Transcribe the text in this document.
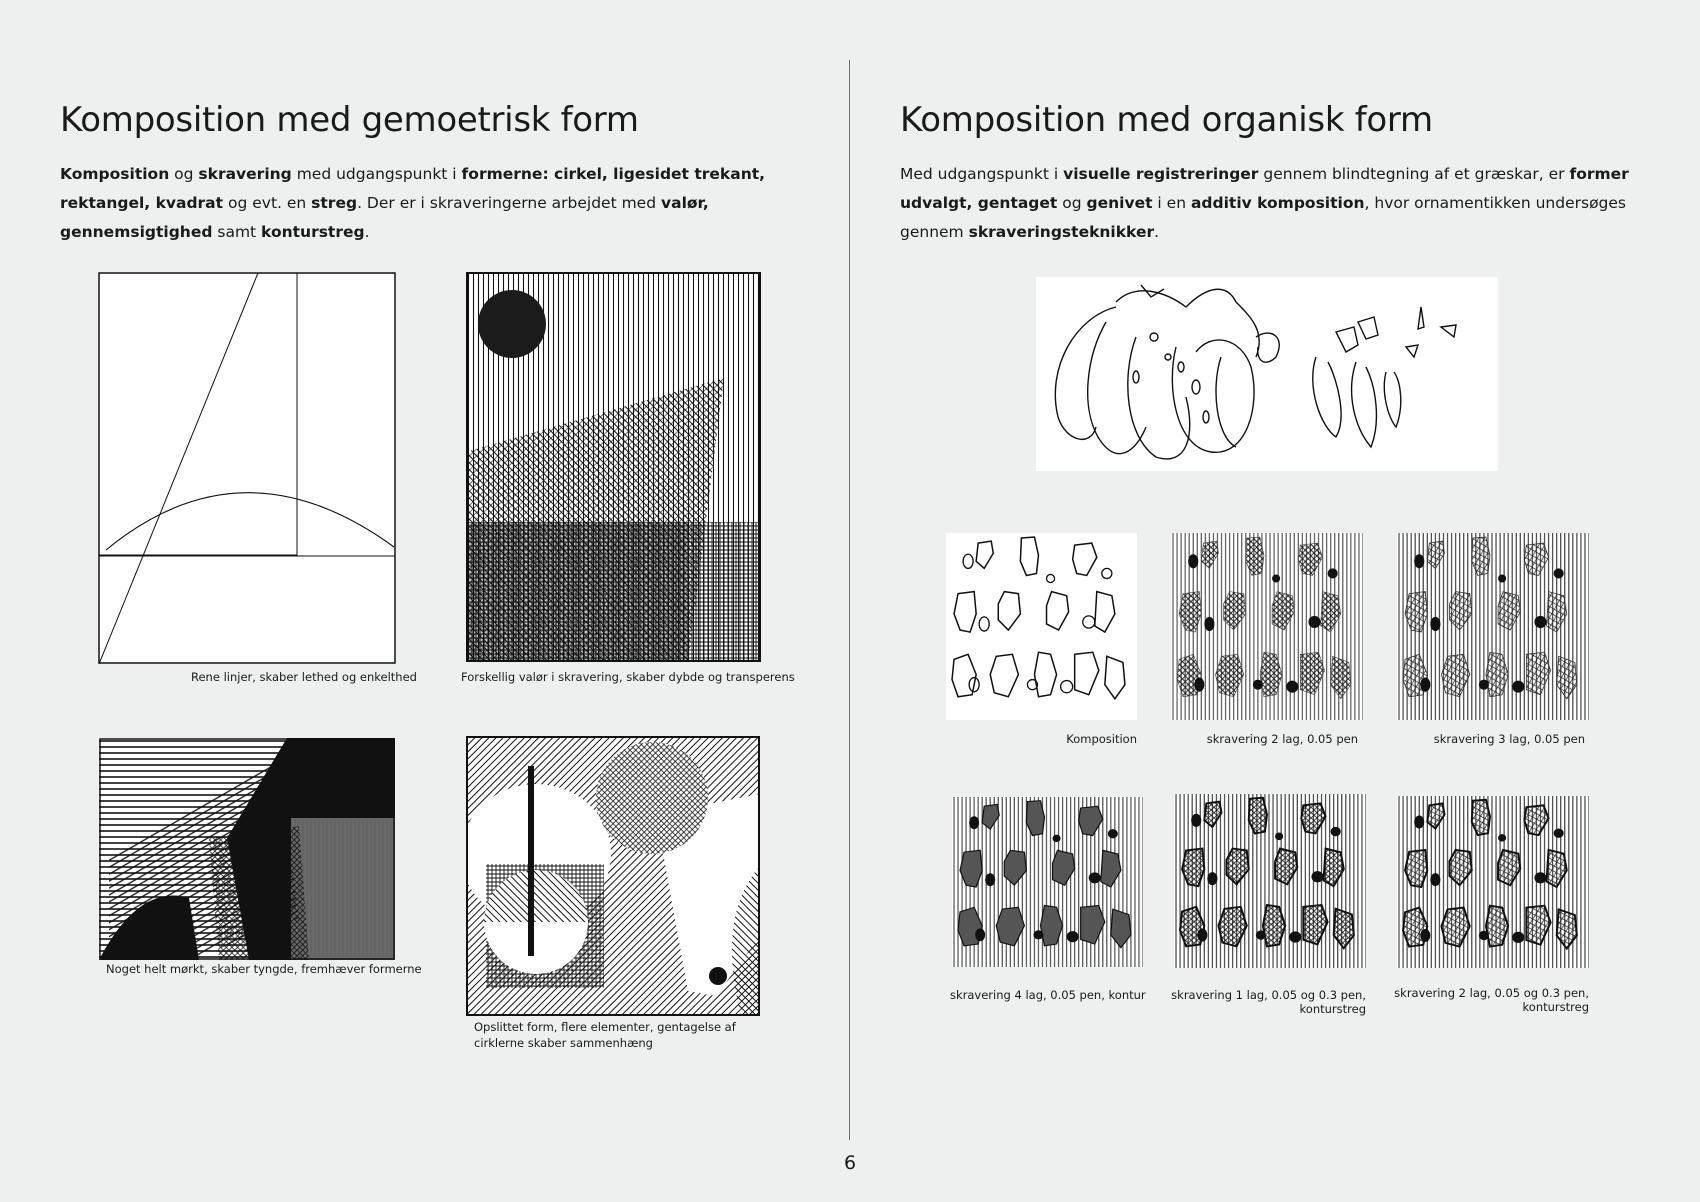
Komposition med gemoetrisk form

Komposition og skravering med udgangspunkt i formerne: cirkel, ligesidet trekant, rektangel, kvadrat og evt. en streg. Der er i skraveringerne arbejdet med valør, gennemsigtighed samt konturstreg.

Rene linjer, skaber lethed og enkelthed	Forskellig valør i skravering, skaber dybde og transperens
Noget helt mørkt, skaber tyngde, fremhæver formerne
Opslittet form, flere elementer, gentagelse af cirklerne skaber sammenhæng
Komposition med organisk form

Med udgangspunkt i visuelle registreringer gennem blindtegning af et græskar, er former udvalgt, gentaget og genivet i en additiv komposition, hvor ornamentikken undersøges gennem skraveringsteknikker.

Komposition	skravering 2 lag, 0.05 pen	skravering 3 lag, 0.05 pen
skravering 4 lag, 0.05 pen, kontur skravering 1 lag, 0.05 og 0.3 pen, konturstreg
skravering 2 lag, 0.05 og 0.3 pen, konturstreg
6
